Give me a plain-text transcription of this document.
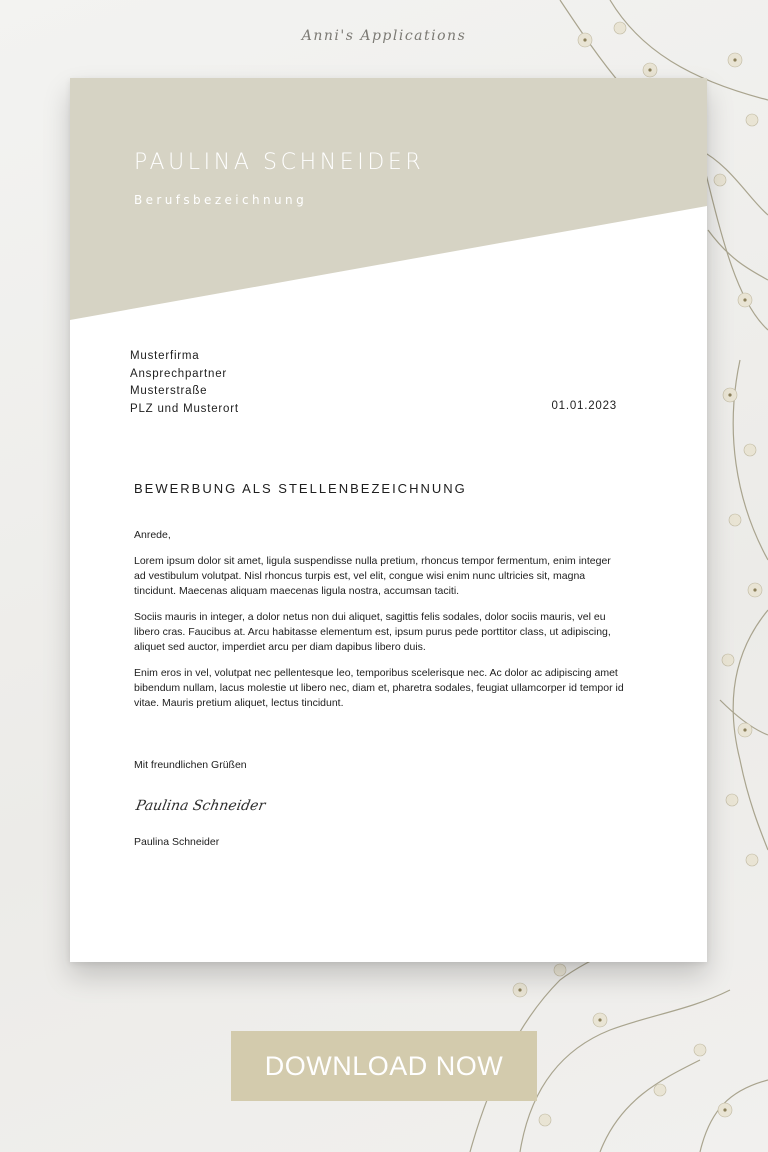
Anni's Applications
PAULINA SCHNEIDER
Berufsbezeichnung
Musterfirma
Ansprechpartner
Musterstraße
PLZ und Musterort	01.01.2023
BEWERBUNG ALS STELLENBEZEICHNUNG

Anrede,

Lorem ipsum dolor sit amet, ligula suspendisse nulla pretium, rhoncus tempor fermentum, enim integer ad vestibulum volutpat. Nisl rhoncus turpis est, vel elit, congue wisi enim nunc ultricies sit, magna tincidunt. Maecenas aliquam maecenas ligula nostra, accumsan taciti.

Sociis mauris in integer, a dolor netus non dui aliquet, sagittis felis sodales, dolor sociis mauris, vel eu libero cras. Faucibus at. Arcu habitasse elementum est, ipsum purus pede porttitor class, ut adipiscing, aliquet sed auctor, imperdiet arcu per diam dapibus libero duis.

Enim eros in vel, volutpat nec pellentesque leo, temporibus scelerisque nec. Ac dolor ac adipiscing amet bibendum nullam, lacus molestie ut libero nec, diam et, pharetra sodales, feugiat ullamcorper id tempor id vitae. Mauris pretium aliquet, lectus tincidunt.

Mit freundlichen Grüßen
Paulina Schneider
Paulina Schneider
DOWNLOAD NOW
